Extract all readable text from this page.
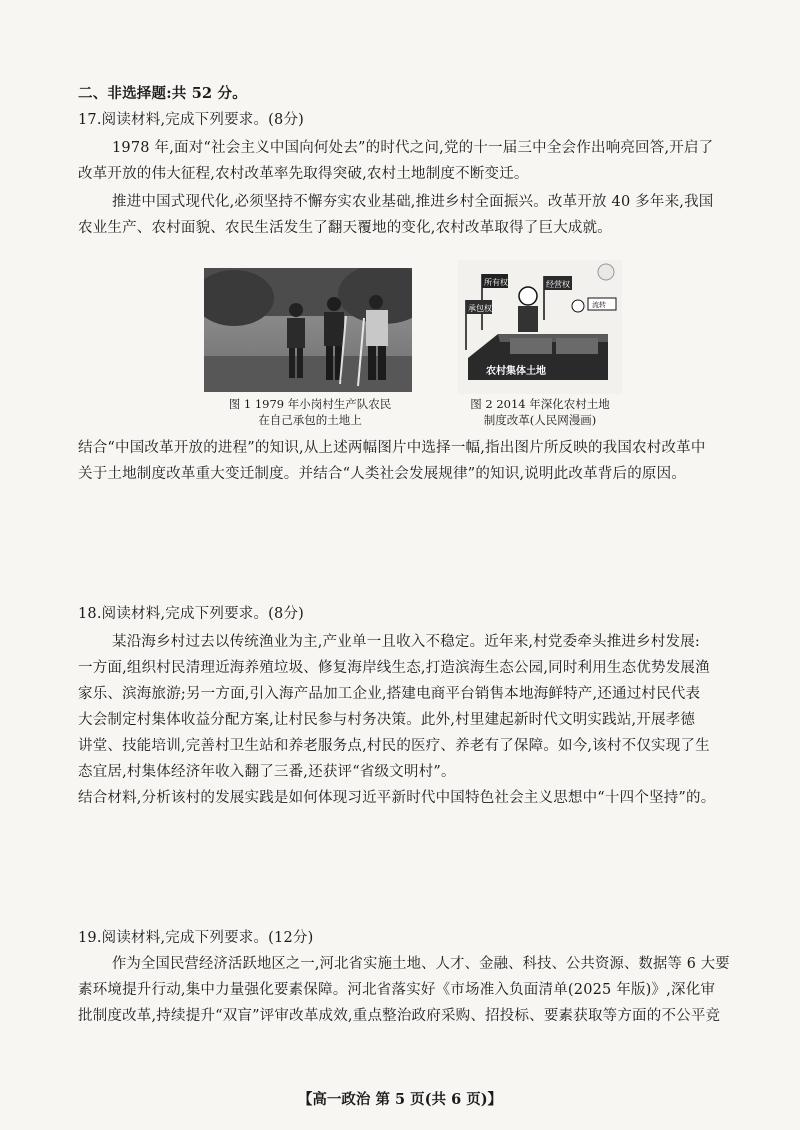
二、非选择题:共 52 分。
17.阅读材料,完成下列要求。(8分)
1978 年,面对“社会主义中国向何处去”的时代之问,党的十一届三中全会作出响亮回答,开启了
改革开放的伟大征程,农村改革率先取得突破,农村土地制度不断变迁。
推进中国式现代化,必须坚持不懈夯实农业基础,推进乡村全面振兴。改革开放 40 多年来,我国
农业生产、农村面貌、农民生活发生了翻天覆地的变化,农村改革取得了巨大成就。
所有权
承包权
经营权
流转
农村集体土地
图 1 1979 年小岗村生产队农民
在自己承包的土地上
图 2 2014 年深化农村土地
制度改革(人民网漫画)
结合“中国改革开放的进程”的知识,从上述两幅图片中选择一幅,指出图片所反映的我国农村改革中
关于土地制度改革重大变迁制度。并结合“人类社会发展规律”的知识,说明此改革背后的原因。
18.阅读材料,完成下列要求。(8分)
某沿海乡村过去以传统渔业为主,产业单一且收入不稳定。近年来,村党委牵头推进乡村发展:
一方面,组织村民清理近海养殖垃圾、修复海岸线生态,打造滨海生态公园,同时利用生态优势发展渔
家乐、滨海旅游;另一方面,引入海产品加工企业,搭建电商平台销售本地海鲜特产,还通过村民代表
大会制定村集体收益分配方案,让村民参与村务决策。此外,村里建起新时代文明实践站,开展孝德
讲堂、技能培训,完善村卫生站和养老服务点,村民的医疗、养老有了保障。如今,该村不仅实现了生
态宜居,村集体经济年收入翻了三番,还获评“省级文明村”。
结合材料,分析该村的发展实践是如何体现习近平新时代中国特色社会主义思想中“十四个坚持”的。
19.阅读材料,完成下列要求。(12分)
作为全国民营经济活跃地区之一,河北省实施土地、人才、金融、科技、公共资源、数据等 6 大要
素环境提升行动,集中力量强化要素保障。河北省落实好《市场准入负面清单(2025 年版)》,深化审
批制度改革,持续提升“双盲”评审改革成效,重点整治政府采购、招投标、要素获取等方面的不公平竞
【高一政治 第 5 页(共 6 页)】
